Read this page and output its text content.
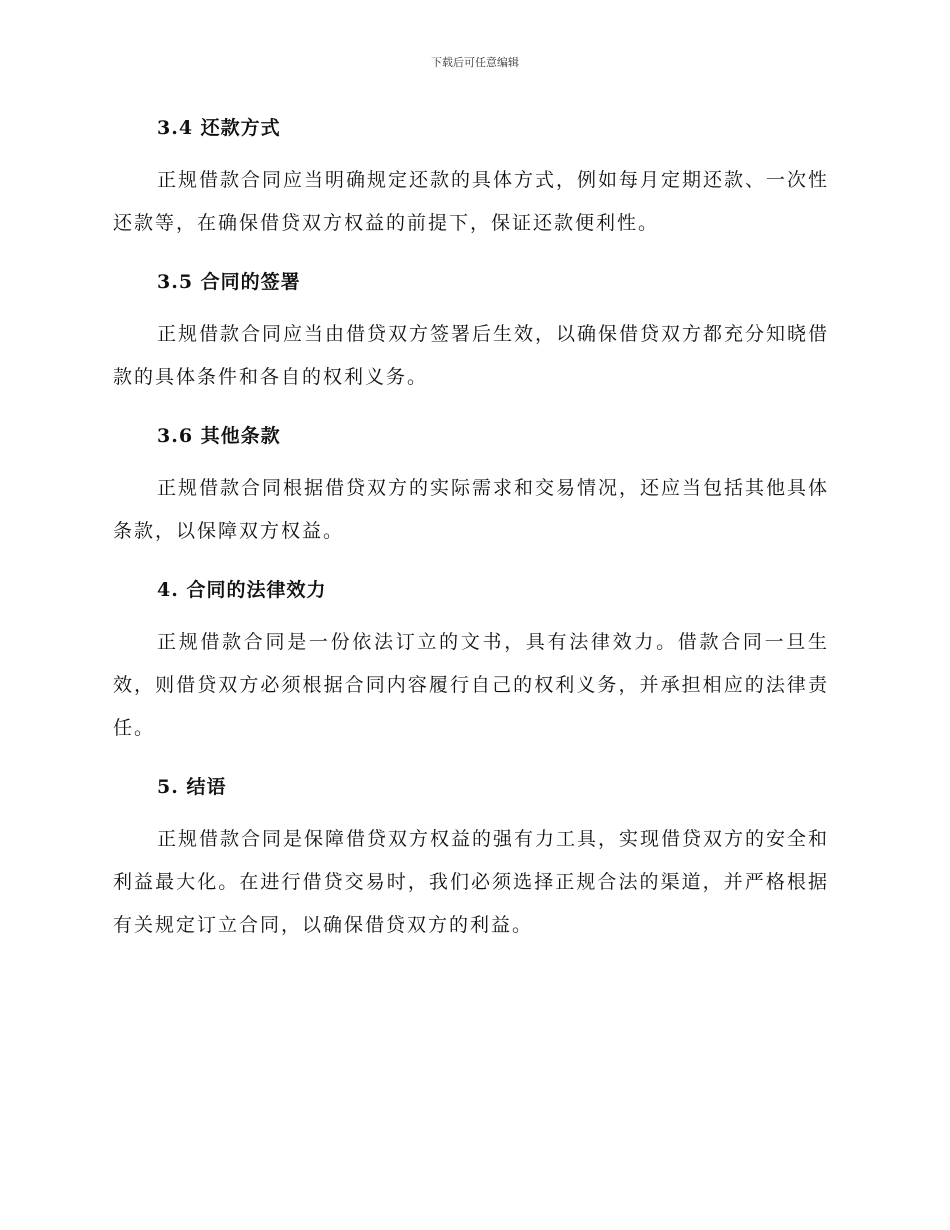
下载后可任意编辑
3.4 还款方式

正规借款合同应当明确规定还款的具体方式，例如每月定期还款、一次性还款等，在确保借贷双方权益的前提下，保证还款便利性。

3.5 合同的签署

正规借款合同应当由借贷双方签署后生效，以确保借贷双方都充分知晓借款的具体条件和各自的权利义务。

3.6 其他条款

正规借款合同根据借贷双方的实际需求和交易情况，还应当包括其他具体条款，以保障双方权益。

4. 合同的法律效力

正规借款合同是一份依法订立的文书，具有法律效力。借款合同一旦生效，则借贷双方必须根据合同内容履行自己的权利义务，并承担相应的法律责任。

5. 结语

正规借款合同是保障借贷双方权益的强有力工具，实现借贷双方的安全和利益最大化。在进行借贷交易时，我们必须选择正规合法的渠道，并严格根据有关规定订立合同，以确保借贷双方的利益。
